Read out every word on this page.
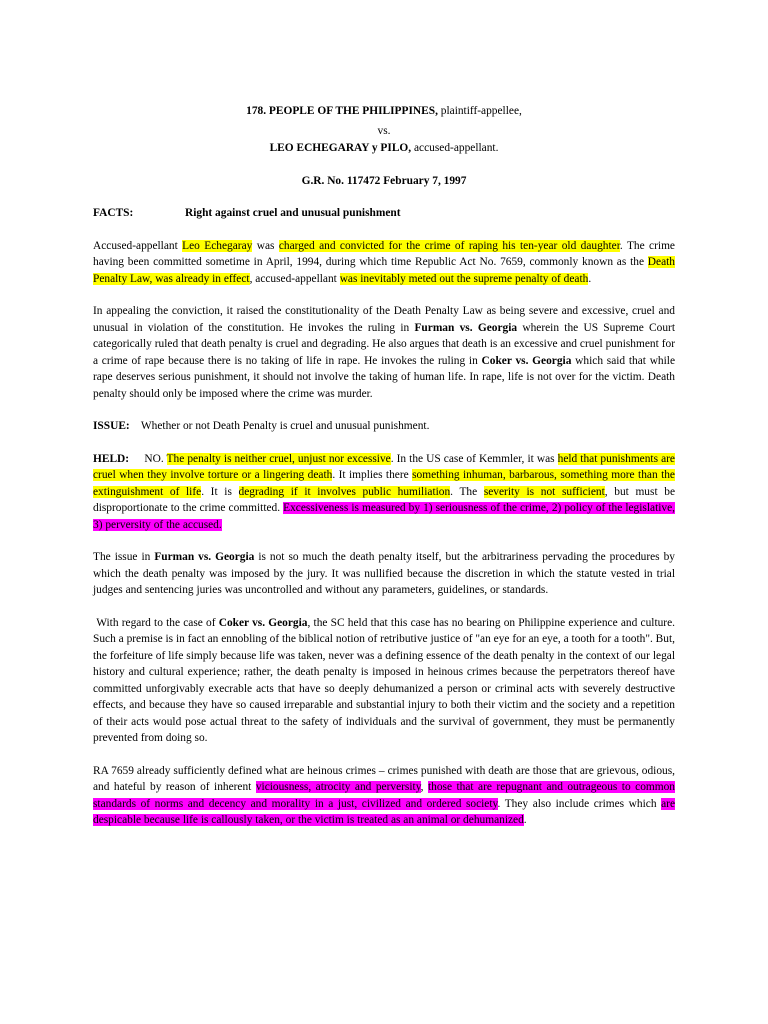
178. PEOPLE OF THE PHILIPPINES, plaintiff-appellee,
vs.
LEO ECHEGARAY y PILO, accused-appellant.
G.R. No. 117472 February 7, 1997
FACTS:	Right against cruel and unusual punishment

Accused-appellant Leo Echegaray was charged and convicted for the crime of raping his ten-year old daughter. The crime having been committed sometime in April, 1994, during which time Republic Act No. 7659, commonly known as the Death Penalty Law, was already in effect, accused-appellant was inevitably meted out the supreme penalty of death.

In appealing the conviction, it raised the constitutionality of the Death Penalty Law as being severe and excessive, cruel and unusual in violation of the constitution. He invokes the ruling in Furman vs. Georgia wherein the US Supreme Court categorically ruled that death penalty is cruel and degrading. He also argues that death is an excessive and cruel punishment for a crime of rape because there is no taking of life in rape. He invokes the ruling in Coker vs. Georgia which said that while rape deserves serious punishment, it should not involve the taking of human life. In rape, life is not over for the victim. Death penalty should only be imposed where the crime was murder.

ISSUE: Whether or not Death Penalty is cruel and unusual punishment.

HELD: NO. The penalty is neither cruel, unjust nor excessive. In the US case of Kemmler, it was held that punishments are cruel when they involve torture or a lingering death. It implies there something inhuman, barbarous, something more than the extinguishment of life. It is degrading if it involves public humiliation. The severity is not sufficient, but must be disproportionate to the crime committed. Excessiveness is measured by 1) seriousness of the crime, 2) policy of the legislative, 3) perversity of the accused.

The issue in Furman vs. Georgia is not so much the death penalty itself, but the arbitrariness pervading the procedures by which the death penalty was imposed by the jury. It was nullified because the discretion in which the statute vested in trial judges and sentencing juries was uncontrolled and without any parameters, guidelines, or standards.

With regard to the case of Coker vs. Georgia, the SC held that this case has no bearing on Philippine experience and culture. Such a premise is in fact an ennobling of the biblical notion of retributive justice of "an eye for an eye, a tooth for a tooth". But, the forfeiture of life simply because life was taken, never was a defining essence of the death penalty in the context of our legal history and cultural experience; rather, the death penalty is imposed in heinous crimes because the perpetrators thereof have committed unforgivably execrable acts that have so deeply dehumanized a person or criminal acts with severely destructive effects, and because they have so caused irreparable and substantial injury to both their victim and the society and a repetition of their acts would pose actual threat to the safety of individuals and the survival of government, they must be permanently prevented from doing so.

RA 7659 already sufficiently defined what are heinous crimes – crimes punished with death are those that are grievous, odious, and hateful by reason of inherent viciousness, atrocity and perversity, those that are repugnant and outrageous to common standards of norms and decency and morality in a just, civilized and ordered society. They also include crimes which are despicable because life is callously taken, or the victim is treated as an animal or dehumanized.
